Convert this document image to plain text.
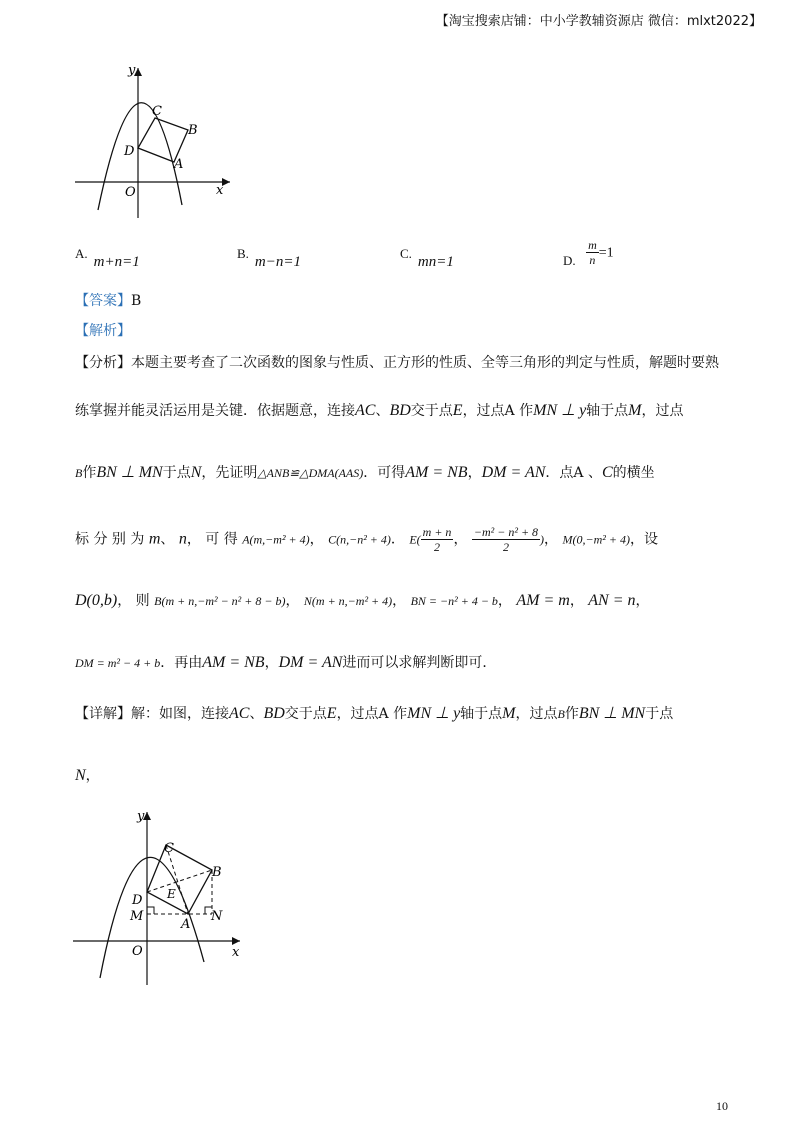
【淘宝搜索店铺：中小学教辅资源店 微信：mlxt2022】
y
x
O
C
B
D
A
A.m+n=1
B.m−n=1
C.mn=1	D. $\frac{m}{n} =1$
【答案】B
【解析】
【分析】本题主要考查了二次函数的图象与性质、正方形的性质、全等三角形的判定与性质，解题时要熟
练掌握并能灵活运用是关键．依据题意，连接AC、BD交于点E，过点A 作MN ⊥ y轴于点M，过点
B作BN ⊥ MN于点N，先证明△ANB≌△DMA(AAS)．可得AM = NB，DM = AN．点A 、C的横坐
标 分 别 为 m、 n， 可 得 A(m,−m² + 4)， C(n,−n² + 4)． $E( \frac{m + n}{2}$ ， $\frac{\text{−m² − n² + 8}}{2}$ )， M(0,−m² + 4)，设
D(0,b)， 则 B(m + n,−m² − n² + 8 − b)， N(m + n,−m² + 4)， BN = −n² + 4 − b， AM = m， AN = n，
DM = m² − 4 + b．再由AM = NB，DM = AN进而可以求解判断即可．
【详解】解：如图，连接AC、BD交于点E，过点A 作MN ⊥ y轴于点M，过点B作BN ⊥ MN于点
N，
y
x
O
C
B
D E
M	N
A
10
